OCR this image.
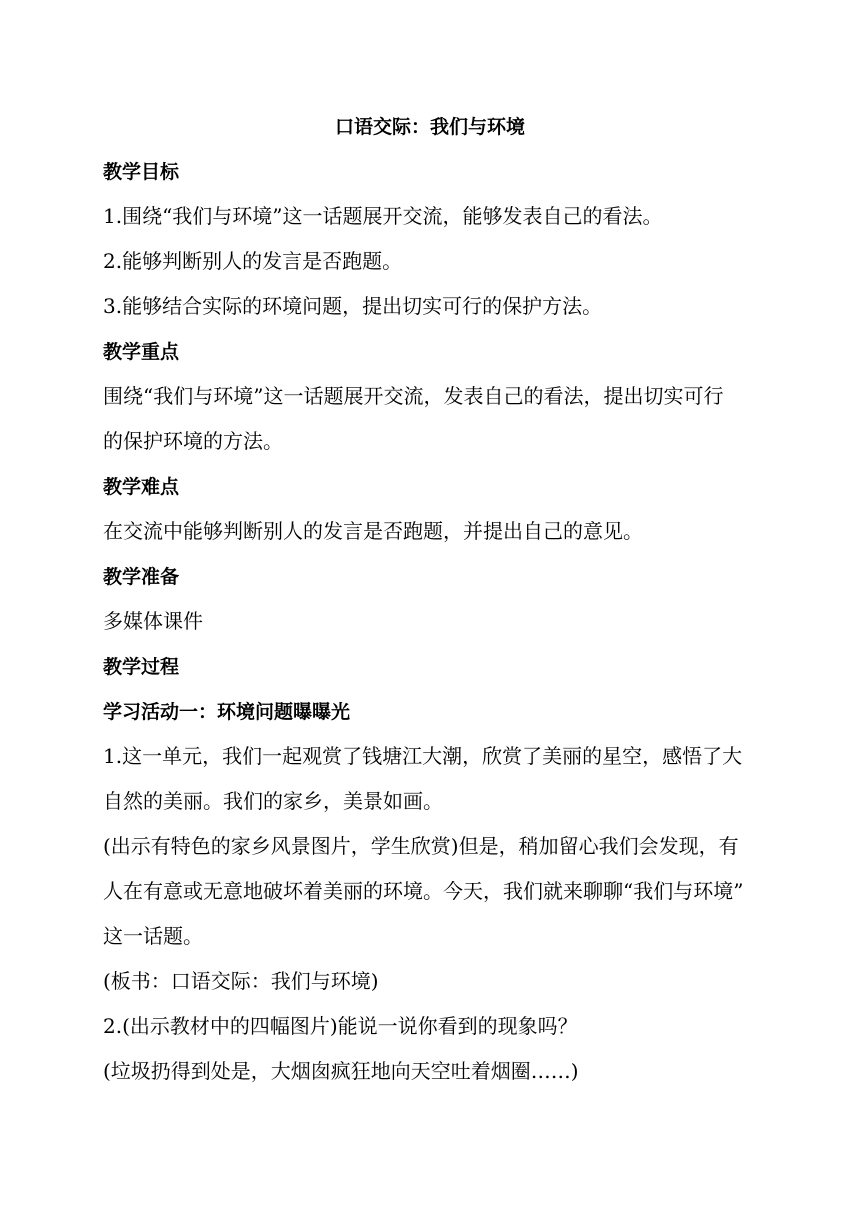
口语交际：我们与环境
教学目标
1.围绕“我们与环境”这一话题展开交流，能够发表自己的看法。
2.能够判断别人的发言是否跑题。
3.能够结合实际的环境问题，提出切实可行的保护方法。
教学重点
围绕“我们与环境”这一话题展开交流，发表自己的看法，提出切实可行
的保护环境的方法。
教学难点
在交流中能够判断别人的发言是否跑题，并提出自己的意见。
教学准备
多媒体课件
教学过程
学习活动一：环境问题曝曝光
1.这一单元，我们一起观赏了钱塘江大潮，欣赏了美丽的星空，感悟了大
自然的美丽。我们的家乡，美景如画。
(出示有特色的家乡风景图片，学生欣赏)但是，稍加留心我们会发现，有
人在有意或无意地破坏着美丽的环境。今天，我们就来聊聊“我们与环境”
这一话题。
(板书：口语交际：我们与环境)
2.(出示教材中的四幅图片)能说一说你看到的现象吗？
(垃圾扔得到处是，大烟囱疯狂地向天空吐着烟圈……)
